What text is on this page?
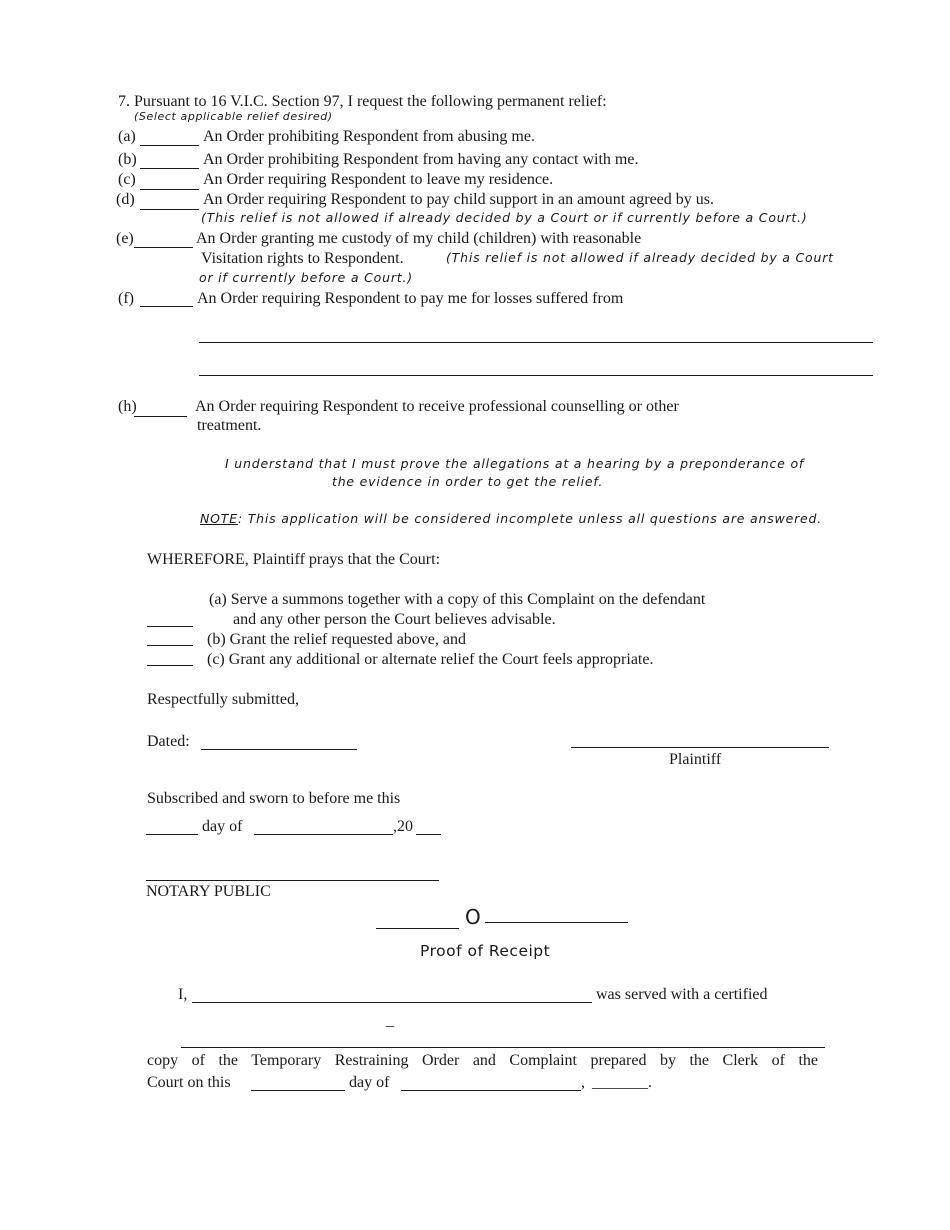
7. Pursuant to 16 V.I.C. Section 97, I request the following permanent relief:
(Select applicable relief desired)
(a)	An Order prohibiting Respondent from abusing me.
(b)	An Order prohibiting Respondent from having any contact with me.
(c)	An Order requiring Respondent to leave my residence.
(d)	An Order requiring Respondent to pay child support in an amount agreed by us.
(This relief is not allowed if already decided by a Court or if currently before a Court.)
(e)	An Order granting me custody of my child (children) with reasonable
Visitation rights to Respondent.	(This relief is not allowed if already decided by a Court
or if currently before a Court.)
(f)	An Order requiring Respondent to pay me for losses suffered from
(h)	An Order requiring Respondent to receive professional counselling or other
treatment.
I understand that I must prove the allegations at a hearing by a preponderance of
the evidence in order to get the relief.
NOTE: This application will be considered incomplete unless all questions are answered.
WHEREFORE, Plaintiff prays that the Court:
(a) Serve a summons together with a copy of this Complaint on the defendant
and any other person the Court believes advisable.
(b) Grant the relief requested above, and
(c) Grant any additional or alternate relief the Court feels appropriate.
Respectfully submitted,
Dated:
Plaintiff
Subscribed and sworn to before me this
day of	,20
NOTARY PUBLIC
O
Proof of Receipt
I,	was served with a certified
_
copy of the Temporary Restraining Order and Complaint prepared by the Clerk of the
Court on this	day of	, _______.
